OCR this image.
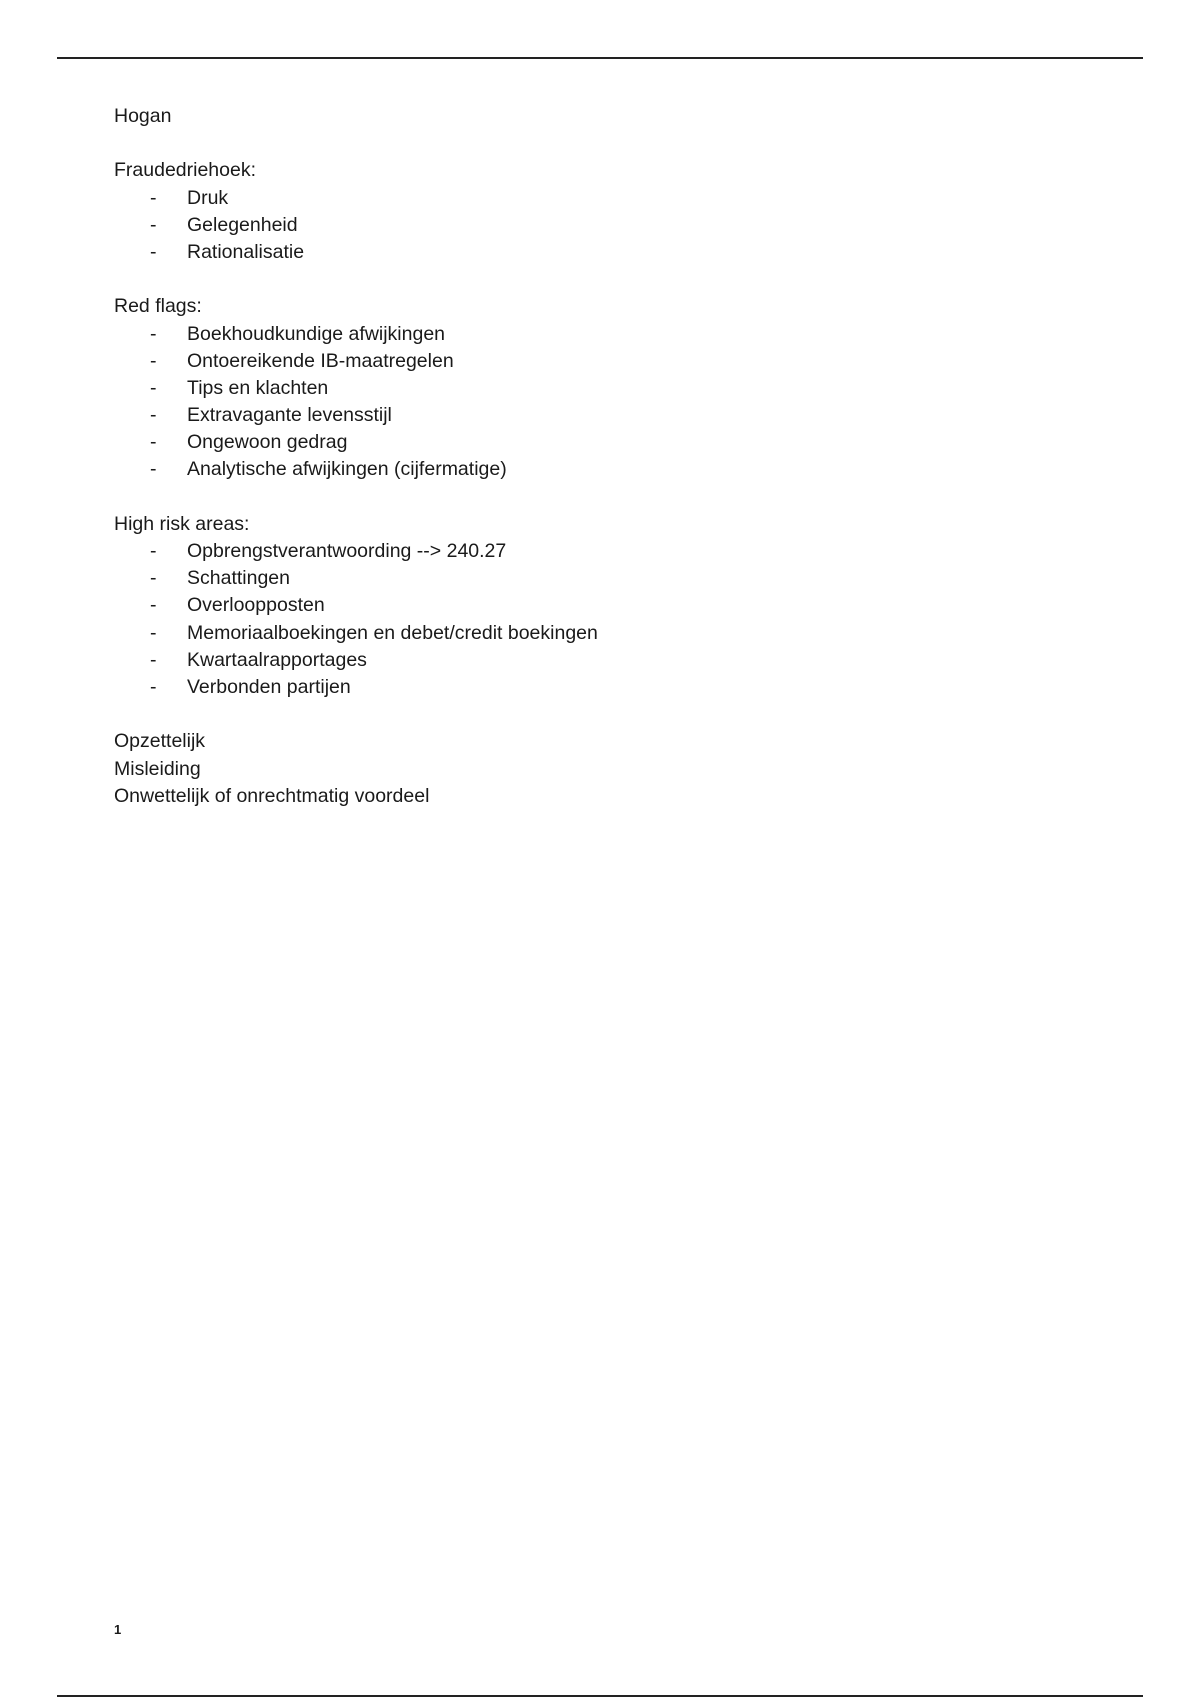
Hogan

Fraudedriehoek:

- Druk
- Gelegenheid
- Rationalisatie

Red flags:

- Boekhoudkundige afwijkingen
- Ontoereikende IB-maatregelen
- Tips en klachten
- Extravagante levensstijl
- Ongewoon gedrag
- Analytische afwijkingen (cijfermatige)

High risk areas:

- Opbrengstverantwoording --> 240.27
- Schattingen
- Overloopposten
- Memoriaalboekingen en debet/credit boekingen
- Kwartaalrapportages
- Verbonden partijen

Opzettelijk

Misleiding

Onwettelijk of onrechtmatig voordeel

1
